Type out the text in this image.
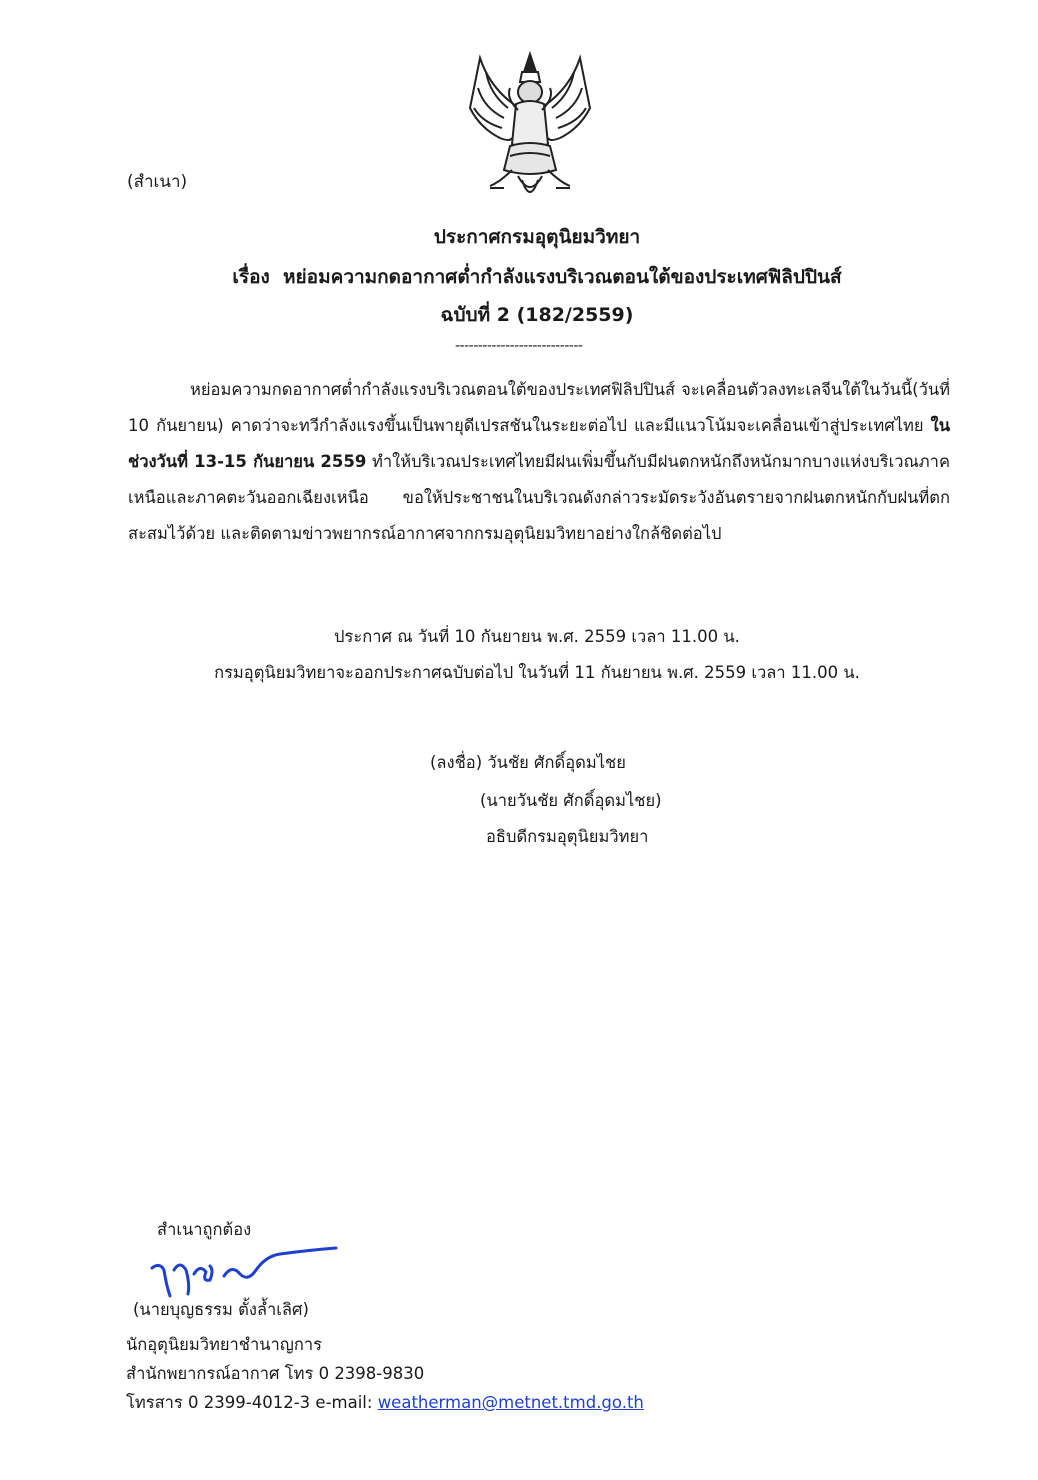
(สำเนา)
ประกาศกรมอุตุนิยมวิทยา
เรื่อง หย่อมความกดอากาศต่ำกำลังแรงบริเวณตอนใต้ของประเทศฟิลิปปินส์
ฉบับที่ 2 (182/2559)
----------------------------
หย่อมความกดอากาศต่ำกำลังแรงบริเวณตอนใต้ของประเทศฟิลิปปินส์ จะเคลื่อนตัวลงทะเลจีนใต้ในวันนี้(วันที่ 10 กันยายน) คาดว่าจะทวีกำลังแรงขึ้นเป็นพายุดีเปรสชันในระยะต่อไป และมีแนวโน้มจะเคลื่อนเข้าสู่ประเทศไทย ในช่วงวันที่ 13-15 กันยายน 2559 ทำให้บริเวณประเทศไทยมีฝนเพิ่มขึ้นกับมีฝนตกหนักถึงหนักมากบางแห่งบริเวณภาคเหนือและภาคตะวันออกเฉียงเหนือ ขอให้ประชาชนในบริเวณดังกล่าวระมัดระวังอันตรายจากฝนตกหนักกับฝนที่ตกสะสมไว้ด้วย และติดตามข่าวพยากรณ์อากาศจากกรมอุตุนิยมวิทยาอย่างใกล้ชิดต่อไป
ประกาศ ณ วันที่ 10 กันยายน พ.ศ. 2559 เวลา 11.00 น.
กรมอุตุนิยมวิทยาจะออกประกาศฉบับต่อไป ในวันที่ 11 กันยายน พ.ศ. 2559 เวลา 11.00 น.
(ลงชื่อ) วันชัย ศักดิ์อุดมไชย
(นายวันชัย ศักดิ์อุดมไชย)
อธิบดีกรมอุตุนิยมวิทยา
สำเนาถูกต้อง
(นายบุญธรรม ตั้งล้ำเลิศ)
นักอุตุนิยมวิทยาชำนาญการ
สำนักพยากรณ์อากาศ โทร 0 2398-9830
โทรสาร 0 2399-4012-3 e-mail: weatherman@metnet.tmd.go.th
